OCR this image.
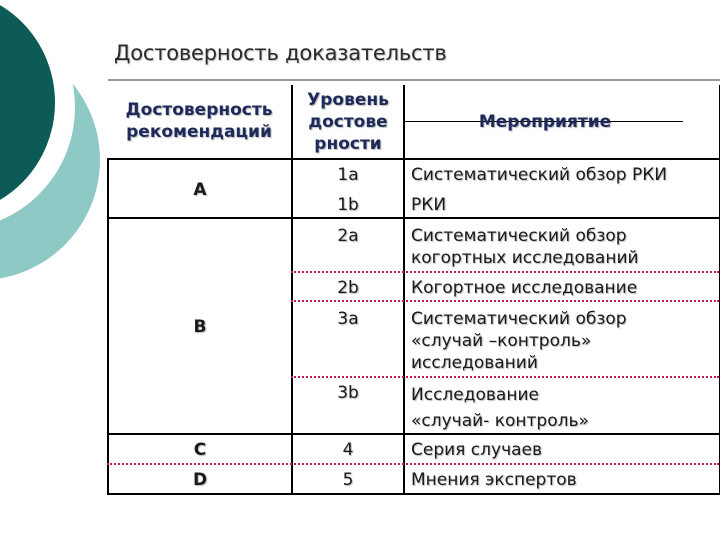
Достоверность доказательств
Достоверность
рекомендаций
Уровень
достове
рности
Мероприятие
А
В
С
D
1a
1b
2a
2b
3a
3b
4
5
Систематический обзор РКИ
РКИ
Систематический обзор
когортных исследований
Когортное исследование
Систематический обзор
«случай –контроль»
исследований
Исследование
«случай- контроль»
Серия случаев
Мнения экспертов
